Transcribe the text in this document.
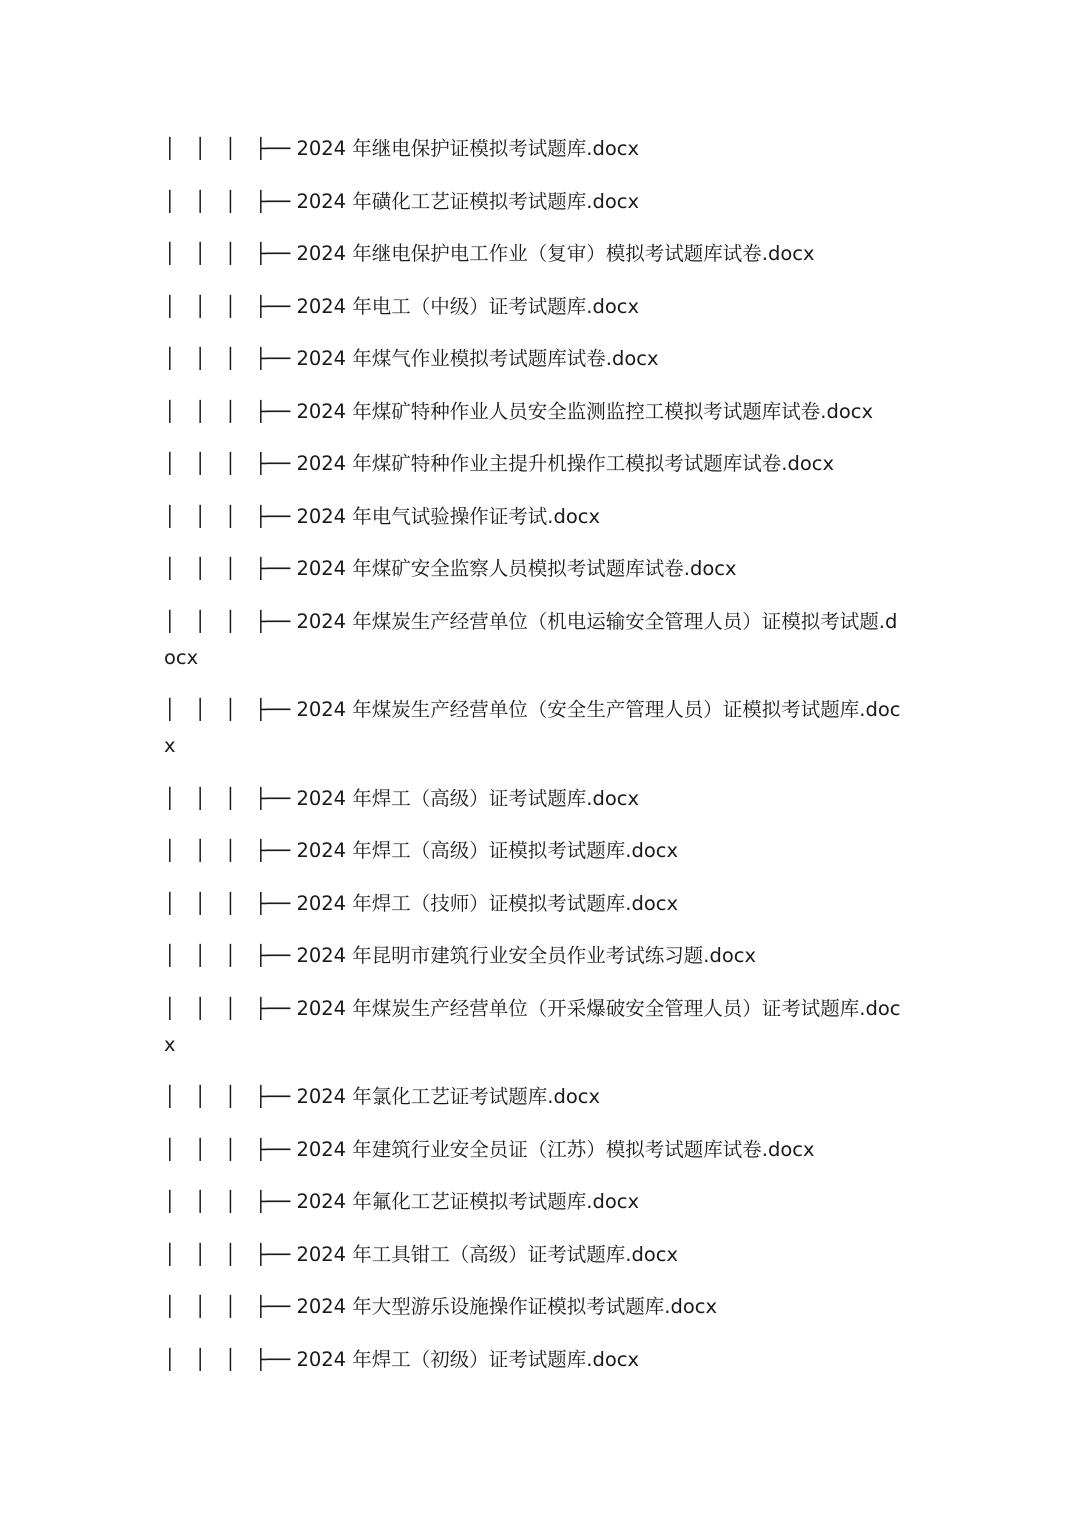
│   │   │   ├── 2024 年继电保护证模拟考试题库.docx
│   │   │   ├── 2024 年磺化工艺证模拟考试题库.docx
│   │   │   ├── 2024 年继电保护电工作业（复审）模拟考试题库试卷.docx
│   │   │   ├── 2024 年电工（中级）证考试题库.docx
│   │   │   ├── 2024 年煤气作业模拟考试题库试卷.docx
│   │   │   ├── 2024 年煤矿特种作业人员安全监测监控工模拟考试题库试卷.docx
│   │   │   ├── 2024 年煤矿特种作业主提升机操作工模拟考试题库试卷.docx
│   │   │   ├── 2024 年电气试验操作证考试.docx
│   │   │   ├── 2024 年煤矿安全监察人员模拟考试题库试卷.docx
│   │   │   ├── 2024 年煤炭生产经营单位（机电运输安全管理人员）证模拟考试题.docx
│   │   │   ├── 2024 年煤炭生产经营单位（安全生产管理人员）证模拟考试题库.docx
│   │   │   ├── 2024 年焊工（高级）证考试题库.docx
│   │   │   ├── 2024 年焊工（高级）证模拟考试题库.docx
│   │   │   ├── 2024 年焊工（技师）证模拟考试题库.docx
│   │   │   ├── 2024 年昆明市建筑行业安全员作业考试练习题.docx
│   │   │   ├── 2024 年煤炭生产经营单位（开采爆破安全管理人员）证考试题库.docx
│   │   │   ├── 2024 年氯化工艺证考试题库.docx
│   │   │   ├── 2024 年建筑行业安全员证（江苏）模拟考试题库试卷.docx
│   │   │   ├── 2024 年氟化工艺证模拟考试题库.docx
│   │   │   ├── 2024 年工具钳工（高级）证考试题库.docx
│   │   │   ├── 2024 年大型游乐设施操作证模拟考试题库.docx
│   │   │   ├── 2024 年焊工（初级）证考试题库.docx
